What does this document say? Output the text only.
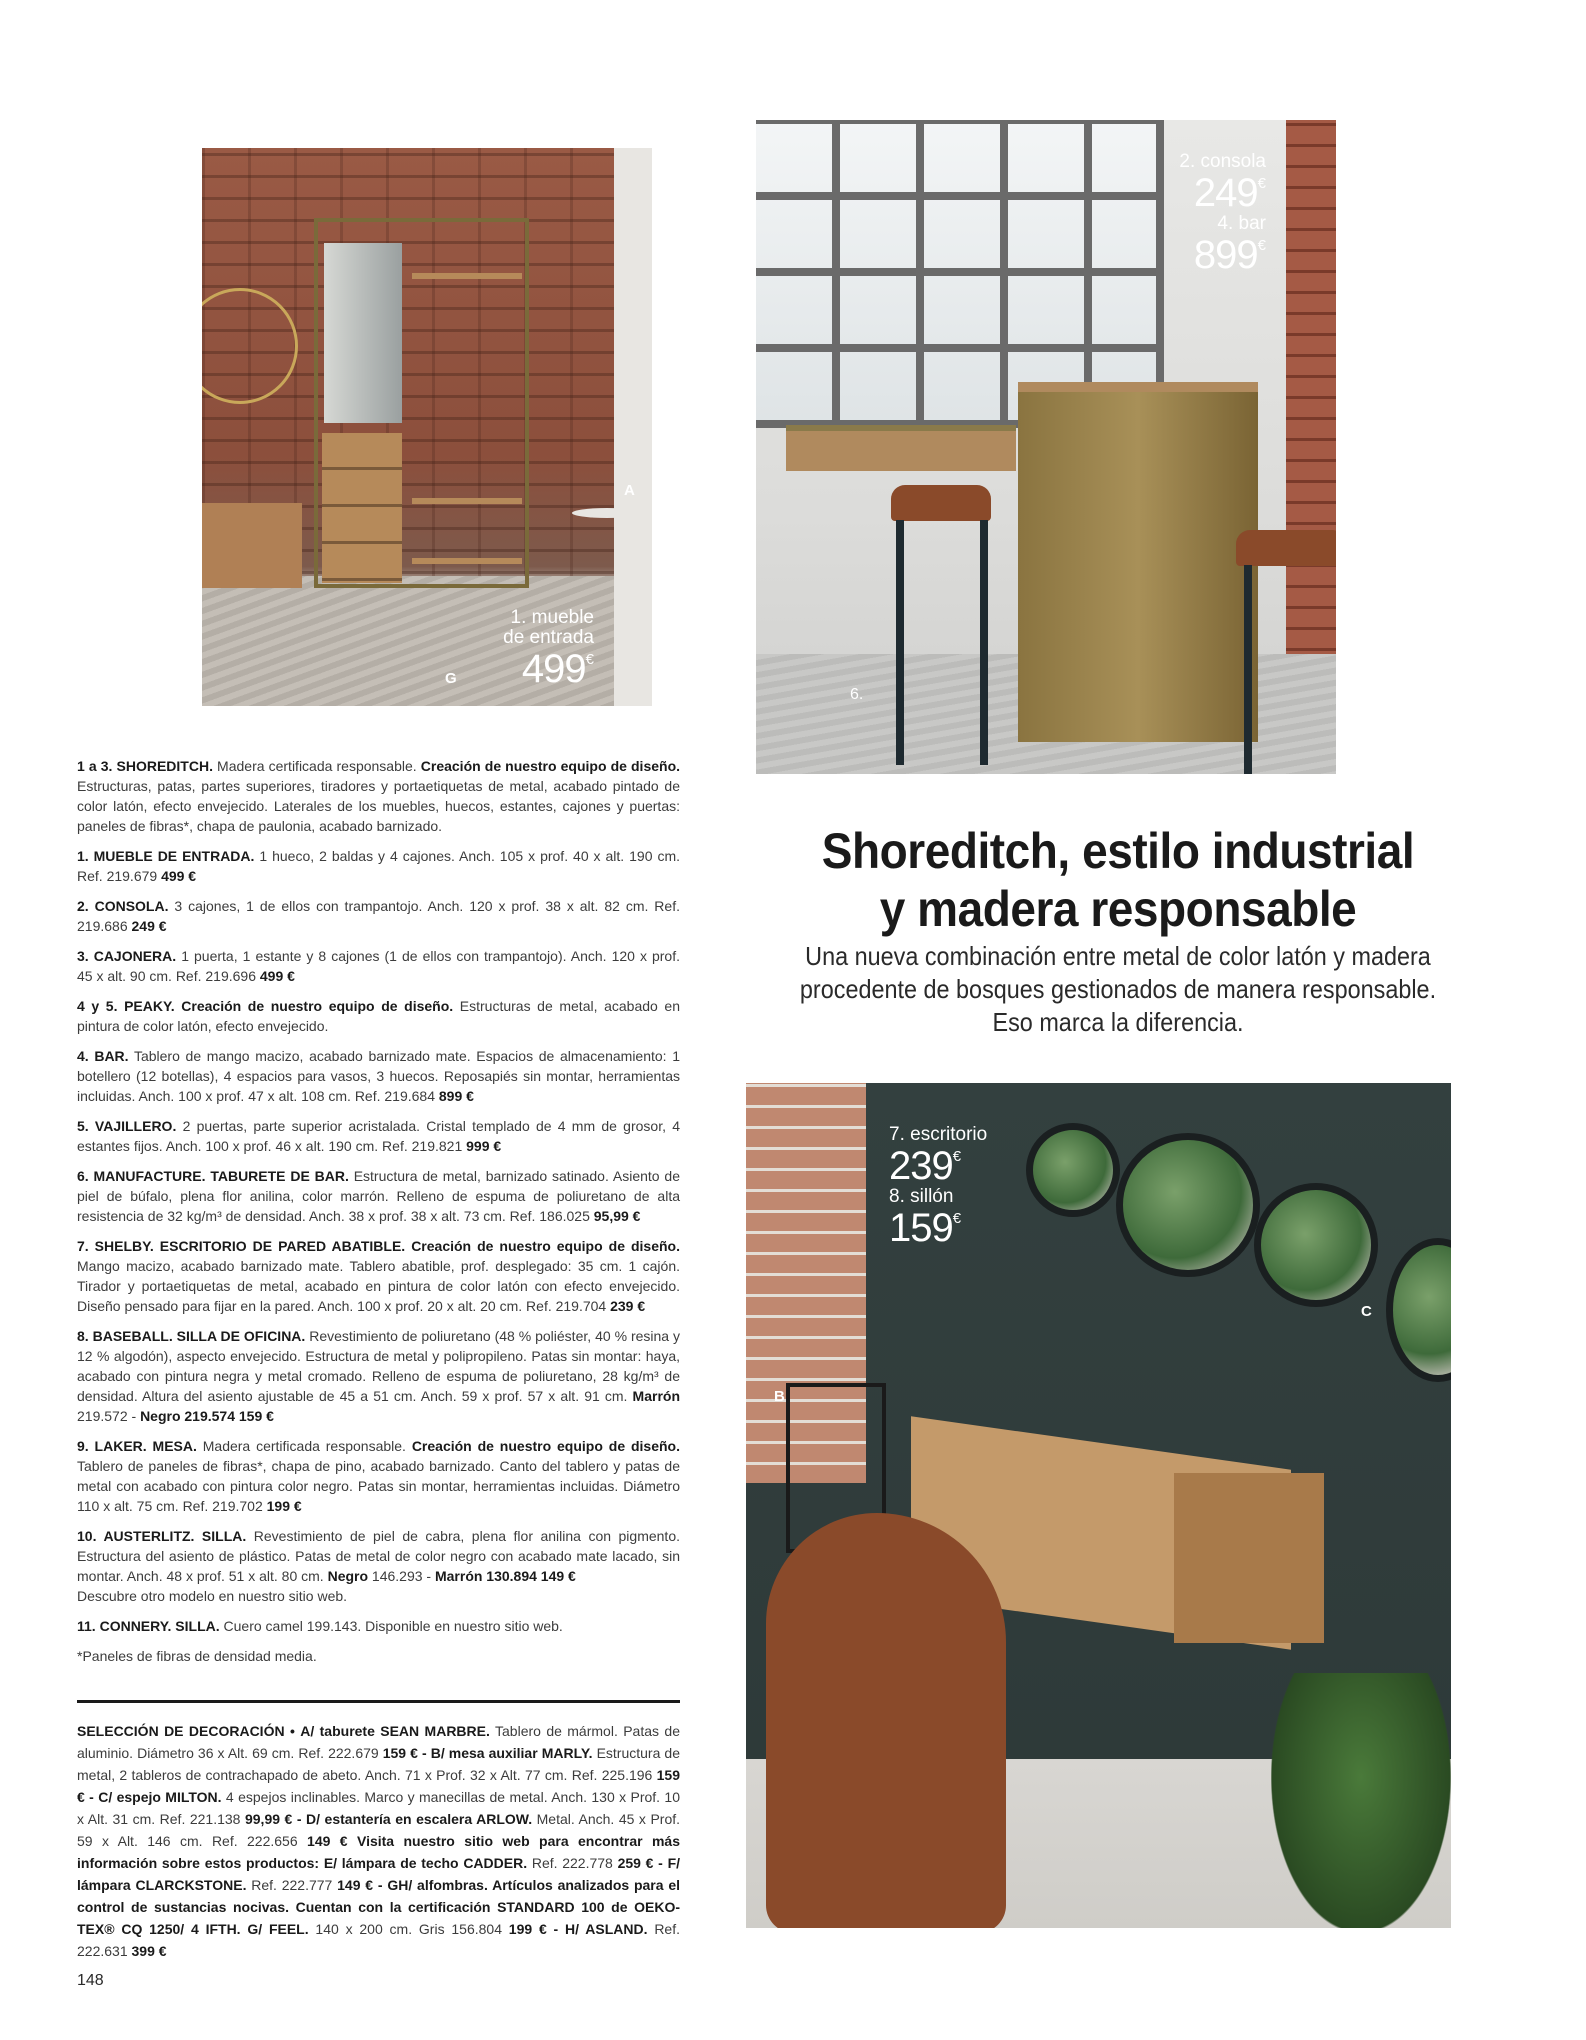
A
G
1. mueble
de entrada
499€
6.
2. consola
249€
4. bar
899€
Shoreditch, estilo industrial
y madera responsable

Una nueva combinación entre metal de color latón y madera
procedente de bosques gestionados de manera responsable.
Eso marca la diferencia.

B
C
7. escritorio
239€
8. sillón
159€

1 a 3. SHOREDITCH. Madera certificada responsable. Creación de nuestro equipo de diseño. Estructuras, patas, partes superiores, tiradores y portaetiquetas de metal, acabado pintado de color latón, efecto envejecido. Laterales de los muebles, huecos, estantes, cajones y puertas: paneles de fibras*, chapa de paulonia, acabado barnizado.

1. MUEBLE DE ENTRADA. 1 hueco, 2 baldas y 4 cajones. Anch. 105 x prof. 40 x alt. 190 cm. Ref. 219.679 499 €

2. CONSOLA. 3 cajones, 1 de ellos con trampantojo. Anch. 120 x prof. 38 x alt. 82 cm. Ref. 219.686 249 €

3. CAJONERA. 1 puerta, 1 estante y 8 cajones (1 de ellos con trampantojo). Anch. 120 x prof. 45 x alt. 90 cm. Ref. 219.696 499 €

4 y 5. PEAKY. Creación de nuestro equipo de diseño. Estructuras de metal, acabado en pintura de color latón, efecto envejecido.

4. BAR. Tablero de mango macizo, acabado barnizado mate. Espacios de almacenamiento: 1 botellero (12 botellas), 4 espacios para vasos, 3 huecos. Reposapiés sin montar, herramientas incluidas. Anch. 100 x prof. 47 x alt. 108 cm. Ref. 219.684 899 €

5. VAJILLERO. 2 puertas, parte superior acristalada. Cristal templado de 4 mm de grosor, 4 estantes fijos. Anch. 100 x prof. 46 x alt. 190 cm. Ref. 219.821 999 €

6. MANUFACTURE. TABURETE DE BAR. Estructura de metal, barnizado satinado. Asiento de piel de búfalo, plena flor anilina, color marrón. Relleno de espuma de poliuretano de alta resistencia de 32 kg/m³ de densidad. Anch. 38 x prof. 38 x alt. 73 cm. Ref. 186.025 95,99 €

7. SHELBY. ESCRITORIO DE PARED ABATIBLE. Creación de nuestro equipo de diseño. Mango macizo, acabado barnizado mate. Tablero abatible, prof. desplegado: 35 cm. 1 cajón. Tirador y portaetiquetas de metal, acabado en pintura de color latón con efecto envejecido. Diseño pensado para fijar en la pared. Anch. 100 x prof. 20 x alt. 20 cm. Ref. 219.704 239 €

8. BASEBALL. SILLA DE OFICINA. Revestimiento de poliuretano (48 % poliéster, 40 % resina y 12 % algodón), aspecto envejecido. Estructura de metal y polipropileno. Patas sin montar: haya, acabado con pintura negra y metal cromado. Relleno de espuma de poliuretano, 28 kg/m³ de densidad. Altura del asiento ajustable de 45 a 51 cm. Anch. 59 x prof. 57 x alt. 91 cm. Marrón 219.572 - Negro 219.574 159 €

9. LAKER. MESA. Madera certificada responsable. Creación de nuestro equipo de diseño. Tablero de paneles de fibras*, chapa de pino, acabado barnizado. Canto del tablero y patas de metal con acabado con pintura color negro. Patas sin montar, herramientas incluidas. Diámetro 110 x alt. 75 cm. Ref. 219.702 199 €

10. AUSTERLITZ. SILLA. Revestimiento de piel de cabra, plena flor anilina con pigmento. Estructura del asiento de plástico. Patas de metal de color negro con acabado mate lacado, sin montar. Anch. 48 x prof. 51 x alt. 80 cm. Negro 146.293 - Marrón 130.894 149 €

Descubre otro modelo en nuestro sitio web.

11. CONNERY. SILLA. Cuero camel 199.143. Disponible en nuestro sitio web.

*Paneles de fibras de densidad media.

SELECCIÓN DE DECORACIÓN • A/ taburete SEAN MARBRE. Tablero de mármol. Patas de aluminio. Diámetro 36 x Alt. 69 cm. Ref. 222.679 159 € - B/ mesa auxiliar MARLY. Estructura de metal, 2 tableros de contrachapado de abeto. Anch. 71 x Prof. 32 x Alt. 77 cm. Ref. 225.196 159 € - C/ espejo MILTON. 4 espejos inclinables. Marco y manecillas de metal. Anch. 130 x Prof. 10 x Alt. 31 cm. Ref. 221.138 99,99 € - D/ estantería en escalera ARLOW. Metal. Anch. 45 x Prof. 59 x Alt. 146 cm. Ref. 222.656 149 € Visita nuestro sitio web para encontrar más información sobre estos productos: E/ lámpara de techo CADDER. Ref. 222.778 259 € - F/ lámpara CLARCKSTONE. Ref. 222.777 149 € - GH/ alfombras. Artículos analizados para el control de sustancias nocivas. Cuentan con la certificación STANDARD 100 de OEKO-TEX® CQ 1250/ 4 IFTH. G/ FEEL. 140 x 200 cm. Gris 156.804 199 € - H/ ASLAND. Ref. 222.631 399 €

148
